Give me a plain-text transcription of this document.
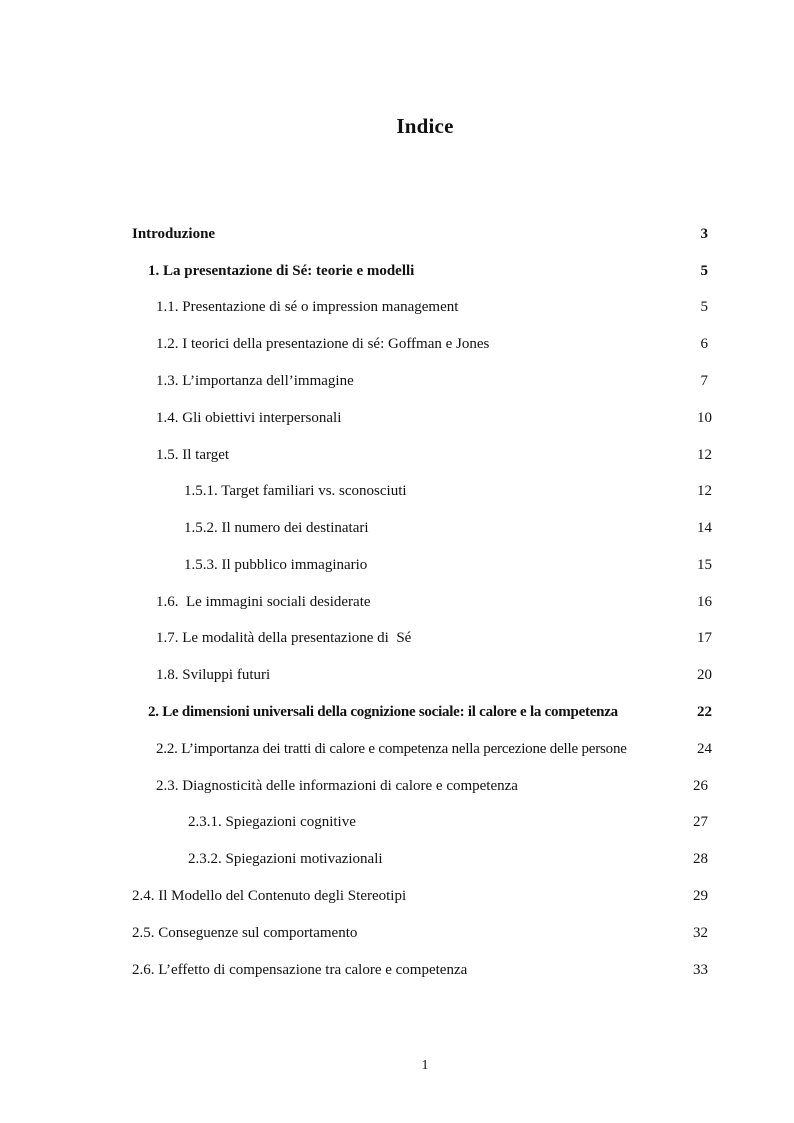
Indice
Introduzione	3
1. La presentazione di Sé: teorie e modelli	5
1.1. Presentazione di sé o impression management	5
1.2. I teorici della presentazione di sé: Goffman e Jones	6
1.3. L’importanza dell’immagine	7
1.4. Gli obiettivi interpersonali	10
1.5. Il target	12
1.5.1. Target familiari vs. sconosciuti	12
1.5.2. Il numero dei destinatari	14
1.5.3. Il pubblico immaginario	15
1.6.  Le immagini sociali desiderate	16
1.7. Le modalità della presentazione di  Sé	17
1.8. Sviluppi futuri	20
2. Le dimensioni universali della cognizione sociale: il calore e la competenza	22
2.2. L’importanza dei tratti di calore e competenza nella percezione delle persone	24
2.3. Diagnosticità delle informazioni di calore e competenza	26
2.3.1. Spiegazioni cognitive	27
2.3.2. Spiegazioni motivazionali	28
2.4. Il Modello del Contenuto degli Stereotipi	29
2.5. Conseguenze sul comportamento	32
2.6. L’effetto di compensazione tra calore e competenza	33
1
